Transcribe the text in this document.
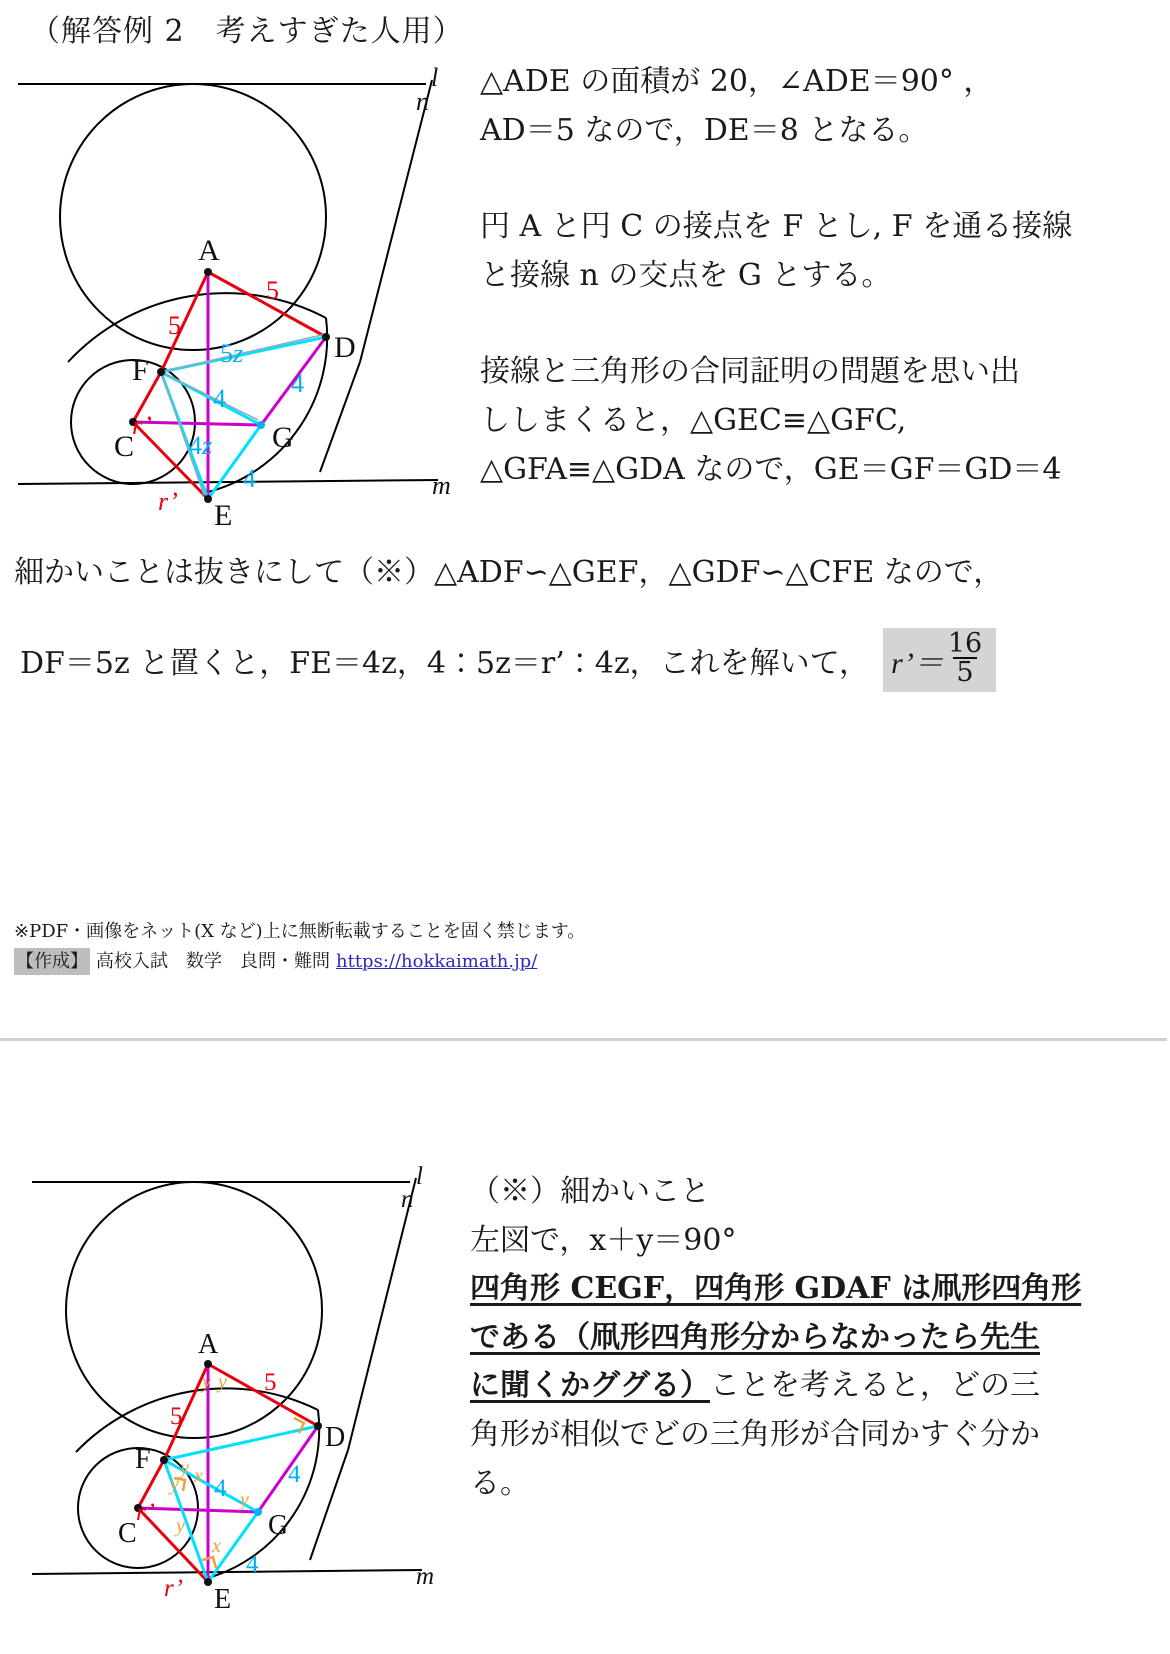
（解答例 2　考えすぎた人用）
A
D
F
G
C
E
l
n
m
5
5
r’
r’
5z
4
4
4z
4

△ADE の面積が 20，∠ADE＝90° ，

AD＝5 なので，DE＝8 となる。

円 A と円 C の接点を F とし, F を通る接線

と接線 n の交点を G とする。

接線と三角形の合同証明の問題を思い出

ししまくると，△GEC≡△GFC,

△GFA≡△GDA なので，GE＝GF＝GD＝4

細かいことは抜きにして（※）△ADF∽△GEF，△GDF∽△CFE なので，
DF＝5z と置くと，FE＝4z，4：5z＝r’：4z，これを解いて， r’＝ $\frac{16}{5}$
※PDF・画像をネット(X など)上に無断転載することを固く禁じます。
【作成】 高校入試　数学　良問・難問 https://hokkaimath.jp/
A
D
F
G
C
E
l
n
m
5
5
r’
r’
4
4
4
y y
y x
y
y
y
x

（※）細かいこと

左図で，x＋y＝90°

四角形 CEGF，四角形 GDAF は凧形四角形

である（凧形四角形分からなかったら先生

に聞くかググる）ことを考えると，どの三

角形が相似でどの三角形が合同かすぐ分か

る。
